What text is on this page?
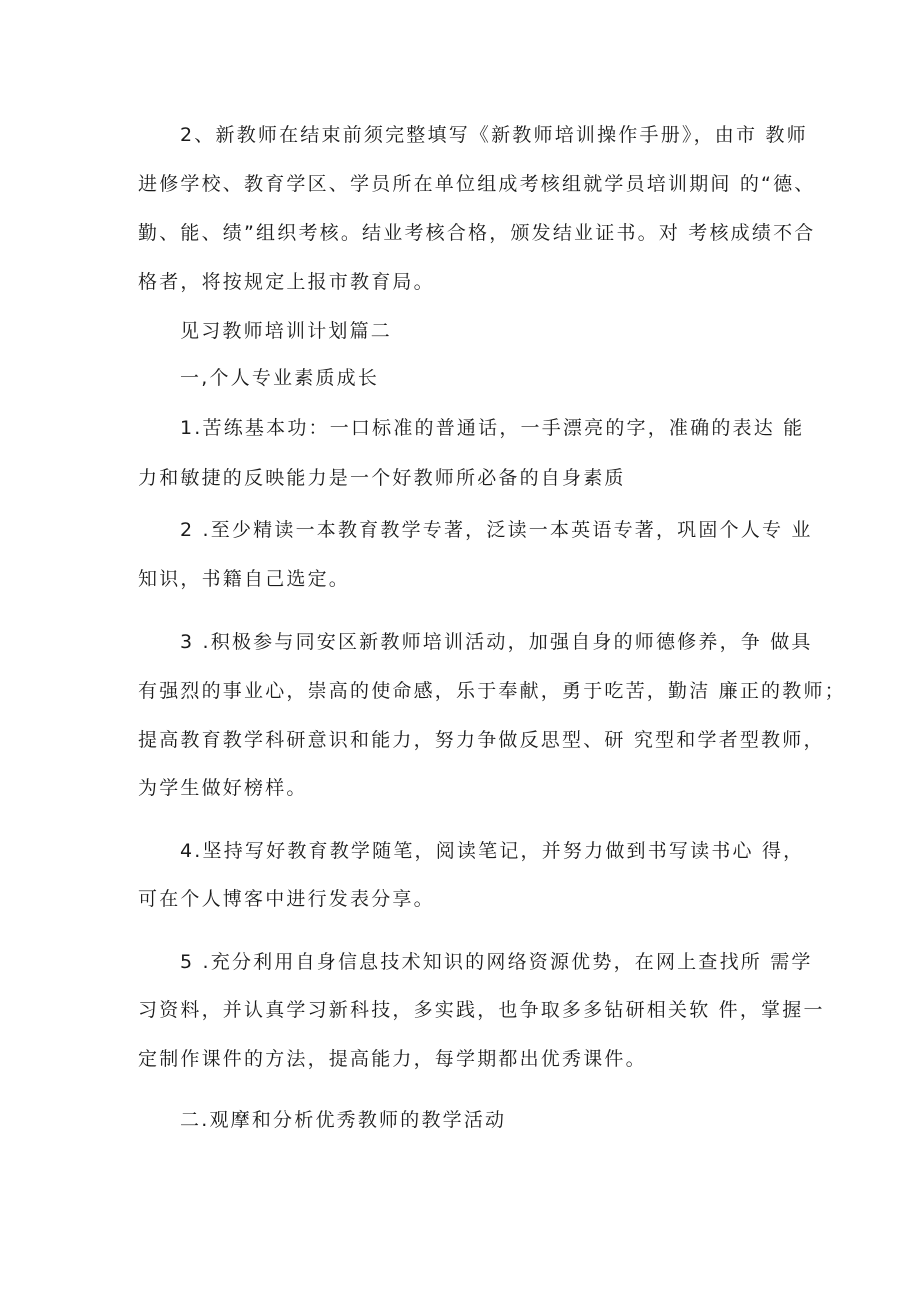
2、新教师在结束前须完整填写《新教师培训操作手册》，由市 教师
进修学校、教育学区、学员所在单位组成考核组就学员培训期间 的“德、
勤、能、绩”组织考核。结业考核合格，颁发结业证书。对 考核成绩不合
格者，将按规定上报市教育局。
见习教师培训计划篇二
一,个人专业素质成长
1.苦练基本功：一口标准的普通话，一手漂亮的字，准确的表达 能
力和敏捷的反映能力是一个好教师所必备的自身素质
2 .至少精读一本教育教学专著，泛读一本英语专著，巩固个人专 业
知识，书籍自己选定。
3 .积极参与同安区新教师培训活动，加强自身的师德修养，争 做具
有强烈的事业心，崇高的使命感，乐于奉献，勇于吃苦，勤洁 廉正的教师；
提高教育教学科研意识和能力，努力争做反思型、研 究型和学者型教师，
为学生做好榜样。
4.坚持写好教育教学随笔，阅读笔记，并努力做到书写读书心 得，
可在个人博客中进行发表分享。
5 .充分利用自身信息技术知识的网络资源优势，在网上查找所 需学
习资料，并认真学习新科技，多实践，也争取多多钻研相关软 件，掌握一
定制作课件的方法，提高能力，每学期都出优秀课件。
二.观摩和分析优秀教师的教学活动
